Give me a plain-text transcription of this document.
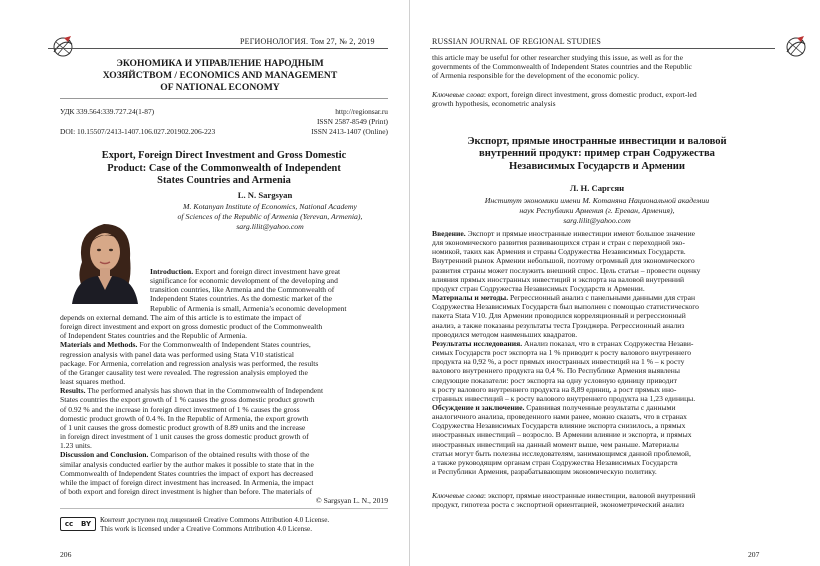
РЕГИОНОЛОГИЯ. Том 27, № 2, 2019
ЭКОНОМИКА И УПРАВЛЕНИЕ НАРОДНЫМ
ХОЗЯЙСТВОМ / ECONOMICS AND MANAGEMENT
OF NATIONAL ECONOMY
УДК 339.564:339.727.24(1-87)	http://regionsar.ru
ISSN 2587-8549 (Print)
DOI: 10.15507/2413-1407.106.027.201902.206-223	ISSN 2413-1407 (Online)
Export, Foreign Direct Investment and Gross Domestic
Product: Case of the Commonwealth of Independent
States Countries and Armenia
L. N. Sargsyan
M. Kotanyan Institute of Economics, National Academy
of Sciences of the Republic of Armenia (Yerevan, Armenia),
sarg.lilit@yahoo.com
Introduction. Export and foreign direct investment have great
significance for economic development of the developing and
transition countries, like Armenia and the Commonwealth of
Independent States countries. As the domestic market of the
Republic of Armenia is small, Armenia’s economic development
depends on external demand. The aim of this article is to estimate the impact of
foreign direct investment and export on gross domestic product of the Commonwealth
of Independent States countries and the Republic of Armenia.
Materials and Methods. For the Commonwealth of Independent States countries,
regression analysis with panel data was performed using Stata V10 statistical
package. For Armenia, correlation and regression analysis was performed, the results
of the Granger causality test were revealed. The regression analysis employed the
least squares method.
Results. The performed analysis has shown that in the Commonwealth of Independent
States countries the export growth of 1 % causes the gross domestic product growth
of 0.92 % and the increase in foreign direct investment of 1 % causes the gross
domestic product growth of 0.4 %. In the Republic of Armenia, the export growth
of 1 unit causes the gross domestic product growth of 8.89 units and the increase
in foreign direct investment of 1 unit causes the gross domestic product growth of
1.23 units.
Discussion and Conclusion. Comparison of the obtained results with those of the
similar analysis conducted earlier by the author makes it possible to state that in the
Commonwealth of Independent States countries the impact of export has decreased
while the impact of foreign direct investment has increased. In Armenia, the impact
of both export and foreign direct investment is higher than before. The materials of
© Sargsyan L. N., 2019
cc BY Контент доступен под лицензией Creative Commons Attribution 4.0 License.
This work is licensed under a Creative Commons Attribution 4.0 License.
206
RUSSIAN JOURNAL OF REGIONAL STUDIES
this article may be useful for other researcher studying this issue, as well as for the
governments of the Commonwealth of Independent States countries and the Republic
of Armenia responsible for the development of the economic policy.
Ключевые слова: export, foreign direct investment, gross domestic product, export-led
growth hypothesis, econometric analysis
Экспорт, прямые иностранные инвестиции и валовой
внутренний продукт: пример стран Содружества
Независимых Государств и Армении
Л. Н. Саргсян
Институт экономики имени М. Котаняна Национальной академии
наук Республики Армения (г. Ереван, Армения),
sarg.lilit@yahoo.com
Введение. Экспорт и прямые иностранные инвестиции имеют большое значение
для экономического развития развивающихся стран и стран с переходной эко-
номикой, таких как Армения и страны Содружества Независимых Государств.
Внутренний рынок Армении небольшой, поэтому огромный для экономического
развития страны может послужить внешний спрос. Цель статьи – провести оценку
влияния прямых иностранных инвестиций и экспорта на валовой внутренний
продукт стран Содружества Независимых Государств и Армении.
Материалы и методы. Регрессионный анализ с панельными данными для стран
Содружества Независимых Государств был выполнен с помощью статистического
пакета Stata V10. Для Армении проводился корреляционный и регрессионный
анализ, а также показаны результаты теста Грэнджера. Регрессионный анализ
проводился методом наименьших квадратов.
Результаты исследования. Анализ показал, что в странах Содружества Незави-
симых Государств рост экспорта на 1 % приводит к росту валового внутреннего
продукта на 0,92 %, а рост прямых иностранных инвестиций на 1 % – к росту
валового внутреннего продукта на 0,4 %. По Республике Армения выявлены
следующие показатели: рост экспорта на одну условную единицу приводит
к росту валового внутреннего продукта на 8,89 единиц, а рост прямых ино-
странных инвестиций – к росту валового внутреннего продукта на 1,23 единицы.
Обсуждение и заключение. Сравнивая полученные результаты с данными
аналогичного анализа, проведенного нами ранее, можно сказать, что в странах
Содружества Независимых Государств влияние экспорта снизилось, а прямых
иностранных инвестиций – возросло. В Армении влияние и экспорта, и прямых
иностранных инвестиций на данный момент выше, чем раньше. Материалы
статьи могут быть полезны исследователям, занимающимся данной проблемой,
а также руководящим органам стран Содружества Независимых Государств
и Республики Армения, разрабатывающим экономическую политику.
Ключевые слова: экспорт, прямые иностранные инвестиции, валовой внутренний
продукт, гипотеза роста с экспортной ориентацией, эконометрический анализ
207
